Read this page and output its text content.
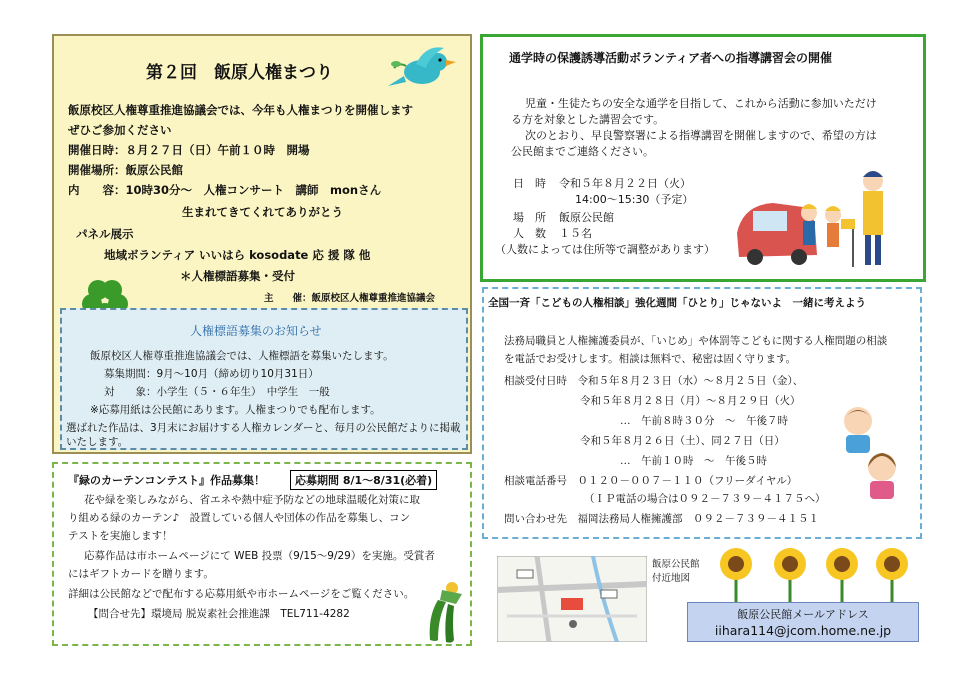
第２回　飯原人権まつり
飯原校区人権尊重推進協議会では、今年も人権まつりを開催します
ぜひご参加ください
開催日時：８月２７日（日）午前１０時　開場
開催場所：飯原公民館
内　　容：10時30分～　人権コンサート　講師　monさん
生まれてきてくれてありがとう
パネル展示
地域ボランティア いいはら kosodate 応 援 隊 他
＊人権標語募集・受付
主　　催：飯原校区人権尊重推進協議会
人権標語募集のお知らせ
飯原校区人権尊重推進協議会では、人権標語を募集いたします。
募集期間：9月～10月（締め切り10月31日）
対　　象：小学生（５・６年生）　中学生　一般
※応募用紙は公民館にあります。人権まつりでも配布します。
選ばれた作品は、3月末にお届けする人権カレンダーと、毎月の公民館だよりに掲載
いたします。
『緑のカーテンコンテスト』作品募集！	応募期間 8/1～8/31(必着)
花や緑を楽しみながら、省エネや熱中症予防などの地球温暖化対策に取
り組める緑のカーテン♪　設置している個人や団体の作品を募集し、コン
テストを実施します！
応募作品は市ホームページにて WEB 投票（9/15～9/29）を実施。受賞者
にはギフトカードを贈ります。
詳細は公民館などで配布する応募用紙や市ホームページをご覧ください。
【問合せ先】環境局 脱炭素社会推進課　TEL711-4282
通学時の保護誘導活動ボランティア者への指導講習会の開催
児童・生徒たちの安全な通学を目指して、これから活動に参加いただけ
る方を対象とした講習会です。
次のとおり、早良警察署による指導講習を開催しますので、希望の方は
公民館までご連絡ください。
日　時 令和５年８月２２日（火）
14:00～15:30（予定）
場　所 飯原公民館
人　数 １５名
（人数によっては住所等で調整があります）
全国一斉「こどもの人権相談」強化週間「ひとり」じゃないよ　一緒に考えよう
法務局職員と人権擁護委員が、「いじめ」や体罰等こどもに関する人権問題の相談
を電話でお受けします。相談は無料で、秘密は固く守ります。
相談受付日時　令和５年８月２３日（水）～８月２５日（金）、
令和５年８月２８日（月）～８月２９日（火）
…　午前８時３０分　～　午後７時
令和５年８月２６日（土）、同２７日（日）
…　午前１０時　～　午後５時
相談電話番号　０１２０－００７－１１０（フリーダイヤル）
（ＩＰ電話の場合は０９２－７３９－４１７５へ）
問い合わせ先　福岡法務局人権擁護部　０９２－７３９－４１５１
飯原公民館
付近地図
飯原公民館メールアドレス
iihara114@jcom.home.ne.jp
